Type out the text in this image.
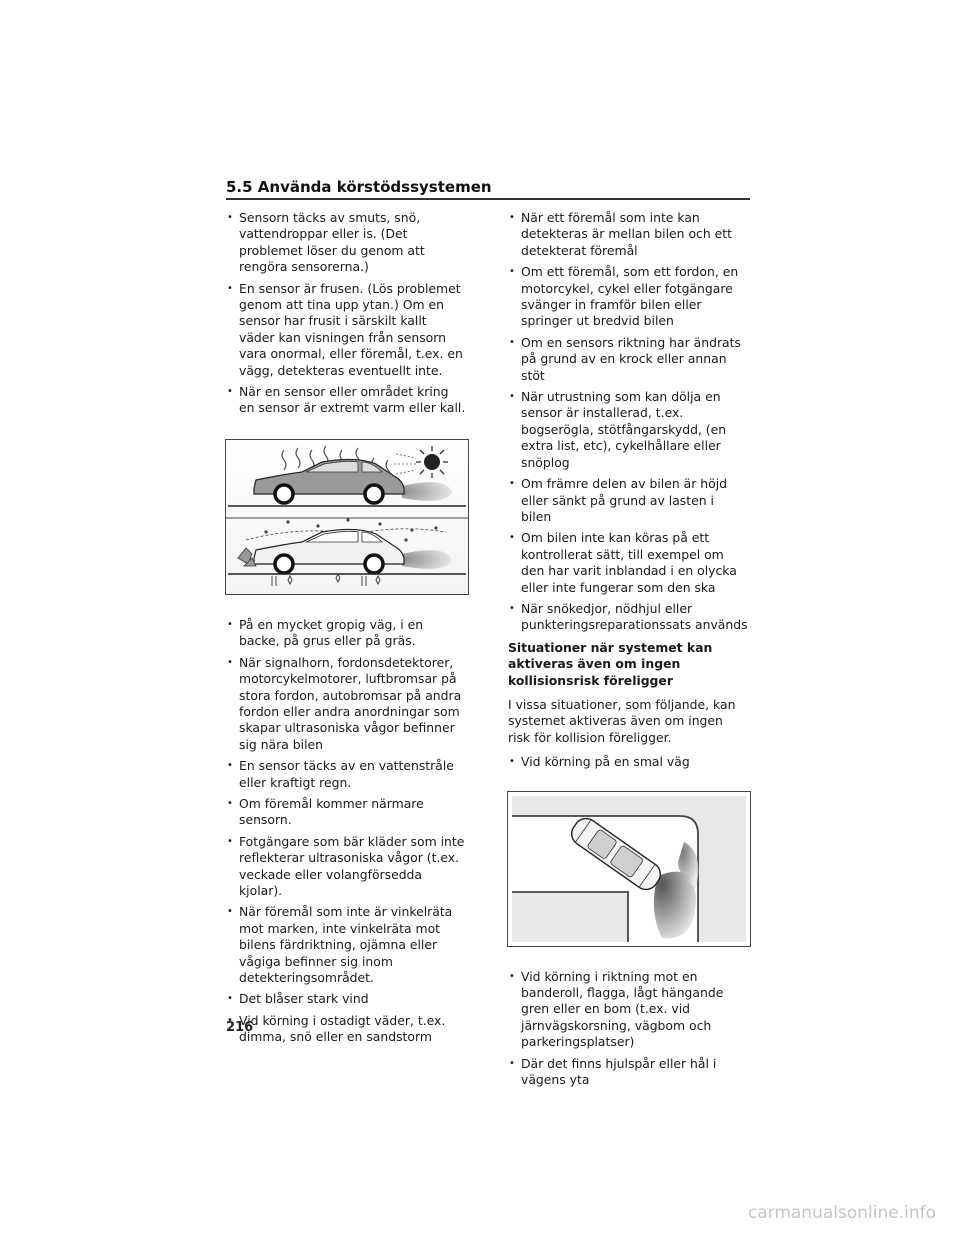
5.5 Använda körstödssystemen
• Sensorn täcks av smuts, snö, vattendroppar eller is. (Det problemet löser du genom att rengöra sensorerna.)
• En sensor är frusen. (Lös problemet genom att tina upp ytan.) Om en sensor har frusit i särskilt kallt väder kan visningen från sensorn vara onormal, eller föremål, t.ex. en vägg, detekteras eventuellt inte.
• När en sensor eller området kring en sensor är extremt varm eller kall.
• På en mycket gropig väg, i en backe, på grus eller på gräs.
• När signalhorn, fordonsdetektorer, motorcykelmotorer, luftbromsar på stora fordon, autobromsar på andra fordon eller andra anordningar som skapar ultrasoniska vågor befinner sig nära bilen
• En sensor täcks av en vattenstråle eller kraftigt regn.
• Om föremål kommer närmare sensorn.
• Fotgängare som bär kläder som inte reflekterar ultrasoniska vågor (t.ex. veckade eller volangförsedda kjolar).
• När föremål som inte är vinkelräta mot marken, inte vinkelräta mot bilens färdriktning, ojämna eller vågiga befinner sig inom detekteringsområdet.
• Det blåser stark vind
• Vid körning i ostadigt väder, t.ex. dimma, snö eller en sandstorm
• När ett föremål som inte kan detekteras är mellan bilen och ett detekterat föremål
• Om ett föremål, som ett fordon, en motorcykel, cykel eller fotgängare svänger in framför bilen eller springer ut bredvid bilen
• Om en sensors riktning har ändrats på grund av en krock eller annan stöt
• När utrustning som kan dölja en sensor är installerad, t.ex. bogserögla, stötfångarskydd, (en extra list, etc), cykelhållare eller snöplog
• Om främre delen av bilen är höjd eller sänkt på grund av lasten i bilen
• Om bilen inte kan köras på ett kontrollerat sätt, till exempel om den har varit inblandad i en olycka eller inte fungerar som den ska
• När snökedjor, nödhjul eller punkteringsreparationssats används
Situationer när systemet kan aktiveras även om ingen kollisionsrisk föreligger
I vissa situationer, som följande, kan systemet aktiveras även om ingen risk för kollision föreligger.
• Vid körning på en smal väg
• Vid körning i riktning mot en banderoll, flagga, lågt hängande gren eller en bom (t.ex. vid järnvägskorsning, vägbom och parkeringsplatser)
• Där det finns hjulspår eller hål i vägens yta
216
carmanualsonline.info
